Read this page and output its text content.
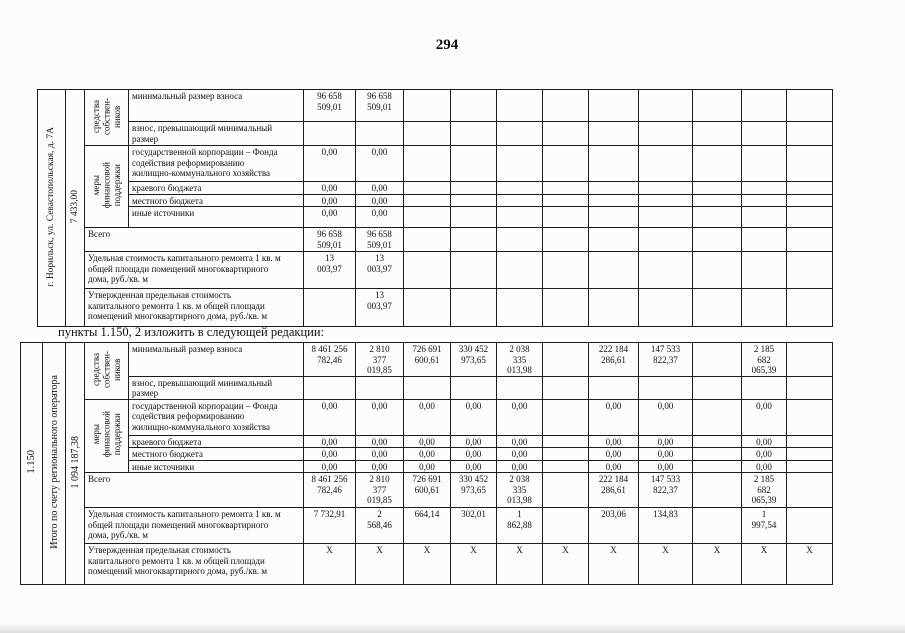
294
г. Норильск, ул. Севастопольская, д. 7А	7 433,00	средства
собствен-
ников	минимальный размер взноса	96 658
509,01	96 658
509,01									
			взнос, превышающий минимальный
размер											
		меры
финансовой
поддержки	государственной корпорации – Фонда
содействия реформированию
жилищно-коммунального хозяйства	0,00	0,00									
			краевого бюджета	0,00	0,00									
			местного бюджета	0,00	0,00									
			иные источники	0,00	0,00									
		Всего		96 658
509,01	96 658
509,01									
		Удельная стоимость капитального ремонта 1 кв. м
общей площади помещений многоквартирного
дома, руб./кв. м		13
003,97	13
003,97									
		Утвержденная предельная стоимость
капитального ремонта 1 кв. м общей площади
помещений многоквартирного дома, руб./кв. м			13
003,97									
пункты 1.150, 2 изложить в следующей редакции:
1.150	Итого по счету регионального оператора	1 094 187,38	средства
собствен-
ников	минимальный размер взноса	8 461 256
782,46	2 810
377
019,85	726 691
600,61	330 452
973,65	2 038
335
013,98		222 184
286,61	147 533
822,37		2 185
682
065,39	
				взнос, превышающий минимальный
размер											
			меры
финансовой
поддержки	государственной корпорации – Фонда
содействия реформированию
жилищно-коммунального хозяйства	0,00	0,00	0,00	0,00	0,00		0,00	0,00		0,00	
				краевого бюджета	0,00	0,00	0,00	0,00	0,00		0,00	0,00		0,00	
				местного бюджета	0,00	0,00	0,00	0,00	0,00		0,00	0,00		0,00	
				иные источники	0,00	0,00	0,00	0,00	0,00		0,00	0,00		0,00	
			Всего		8 461 256
782,46	2 810
377
019,85	726 691
600,61	330 452
973,65	2 038
335
013,98		222 184
286,61	147 533
822,37		2 185
682
065,39	
			Удельная стоимость капитального ремонта 1 кв. м
общей площади помещений многоквартирного
дома, руб./кв. м		7 732,91	2
568,46	664,14	302,01	1
862,88		203,06	134,83		1
997,54	
			Утвержденная предельная стоимость
капитального ремонта 1 кв. м общей площади
помещений многоквартирного дома, руб./кв. м		X	X	X	X	X	X	X	X	X	X	X
